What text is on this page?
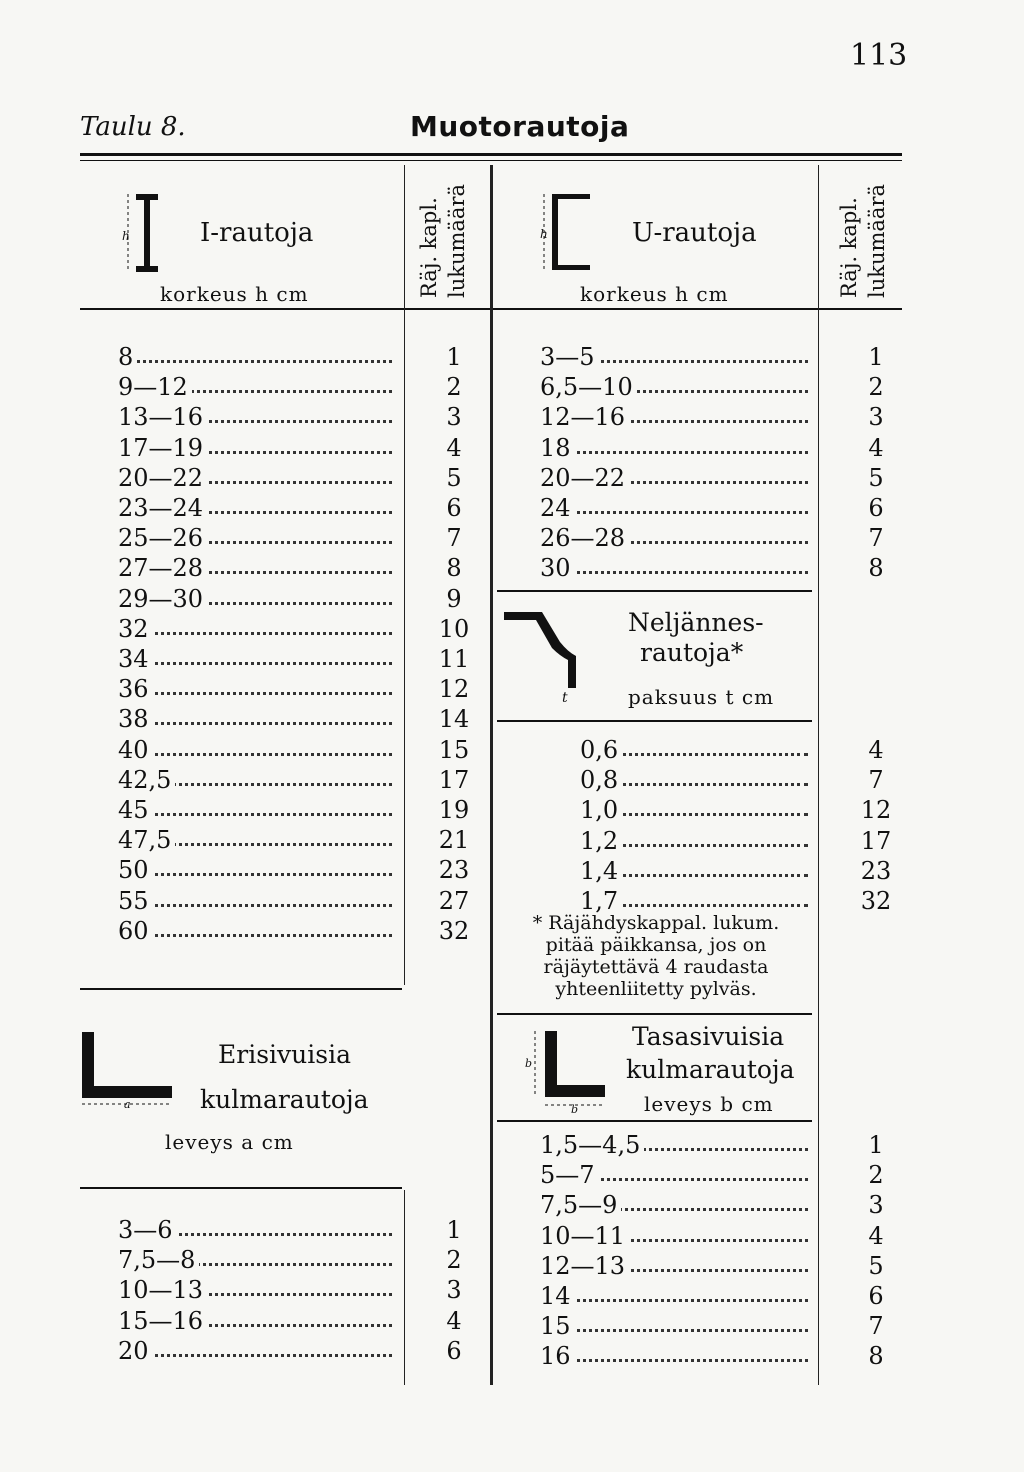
113
Taulu 8.	Muotorautoja
h	I-rautoja
korkeus h cm	Räj. kapl. lukumäärä	h	U-rautoja
korkeus h cm	Räj. kapl. lukumäärä
8	1
9—12	2
13—16	3
17—19	4
20—22	5
23—24	6
25—26	7
27—28	8
29—30	9
32	10
34	11
36	12
38	14
40	15
42,5	17
45	19
47,5	21
50	23
55	27
60	32
3—5	1
6,5—10	2
12—16	3
18	4
20—22	5
24	6
26—28	7
30	8
0,6	4
0,8	7
1,0	12
1,2	17
1,4	23
1,7	32
3—6	1
7,5—8	2
10—13	3
15—16	4
20	6
1,5—4,5	1
5—7	2
7,5—9	3
10—11	4
12—13	5
14	6
15	7
16	8
t
Neljännes-
rautoja*
paksuus t cm
* Räjähdyskappal. lukum.
pitää päikkansa, jos on
räjäytettävä 4 raudasta
yhteenliitetty pylväs.
a
Erisivuisia
kulmarautoja
leveys a cm
b
b
Tasasivuisia
kulmarautoja
leveys b cm
